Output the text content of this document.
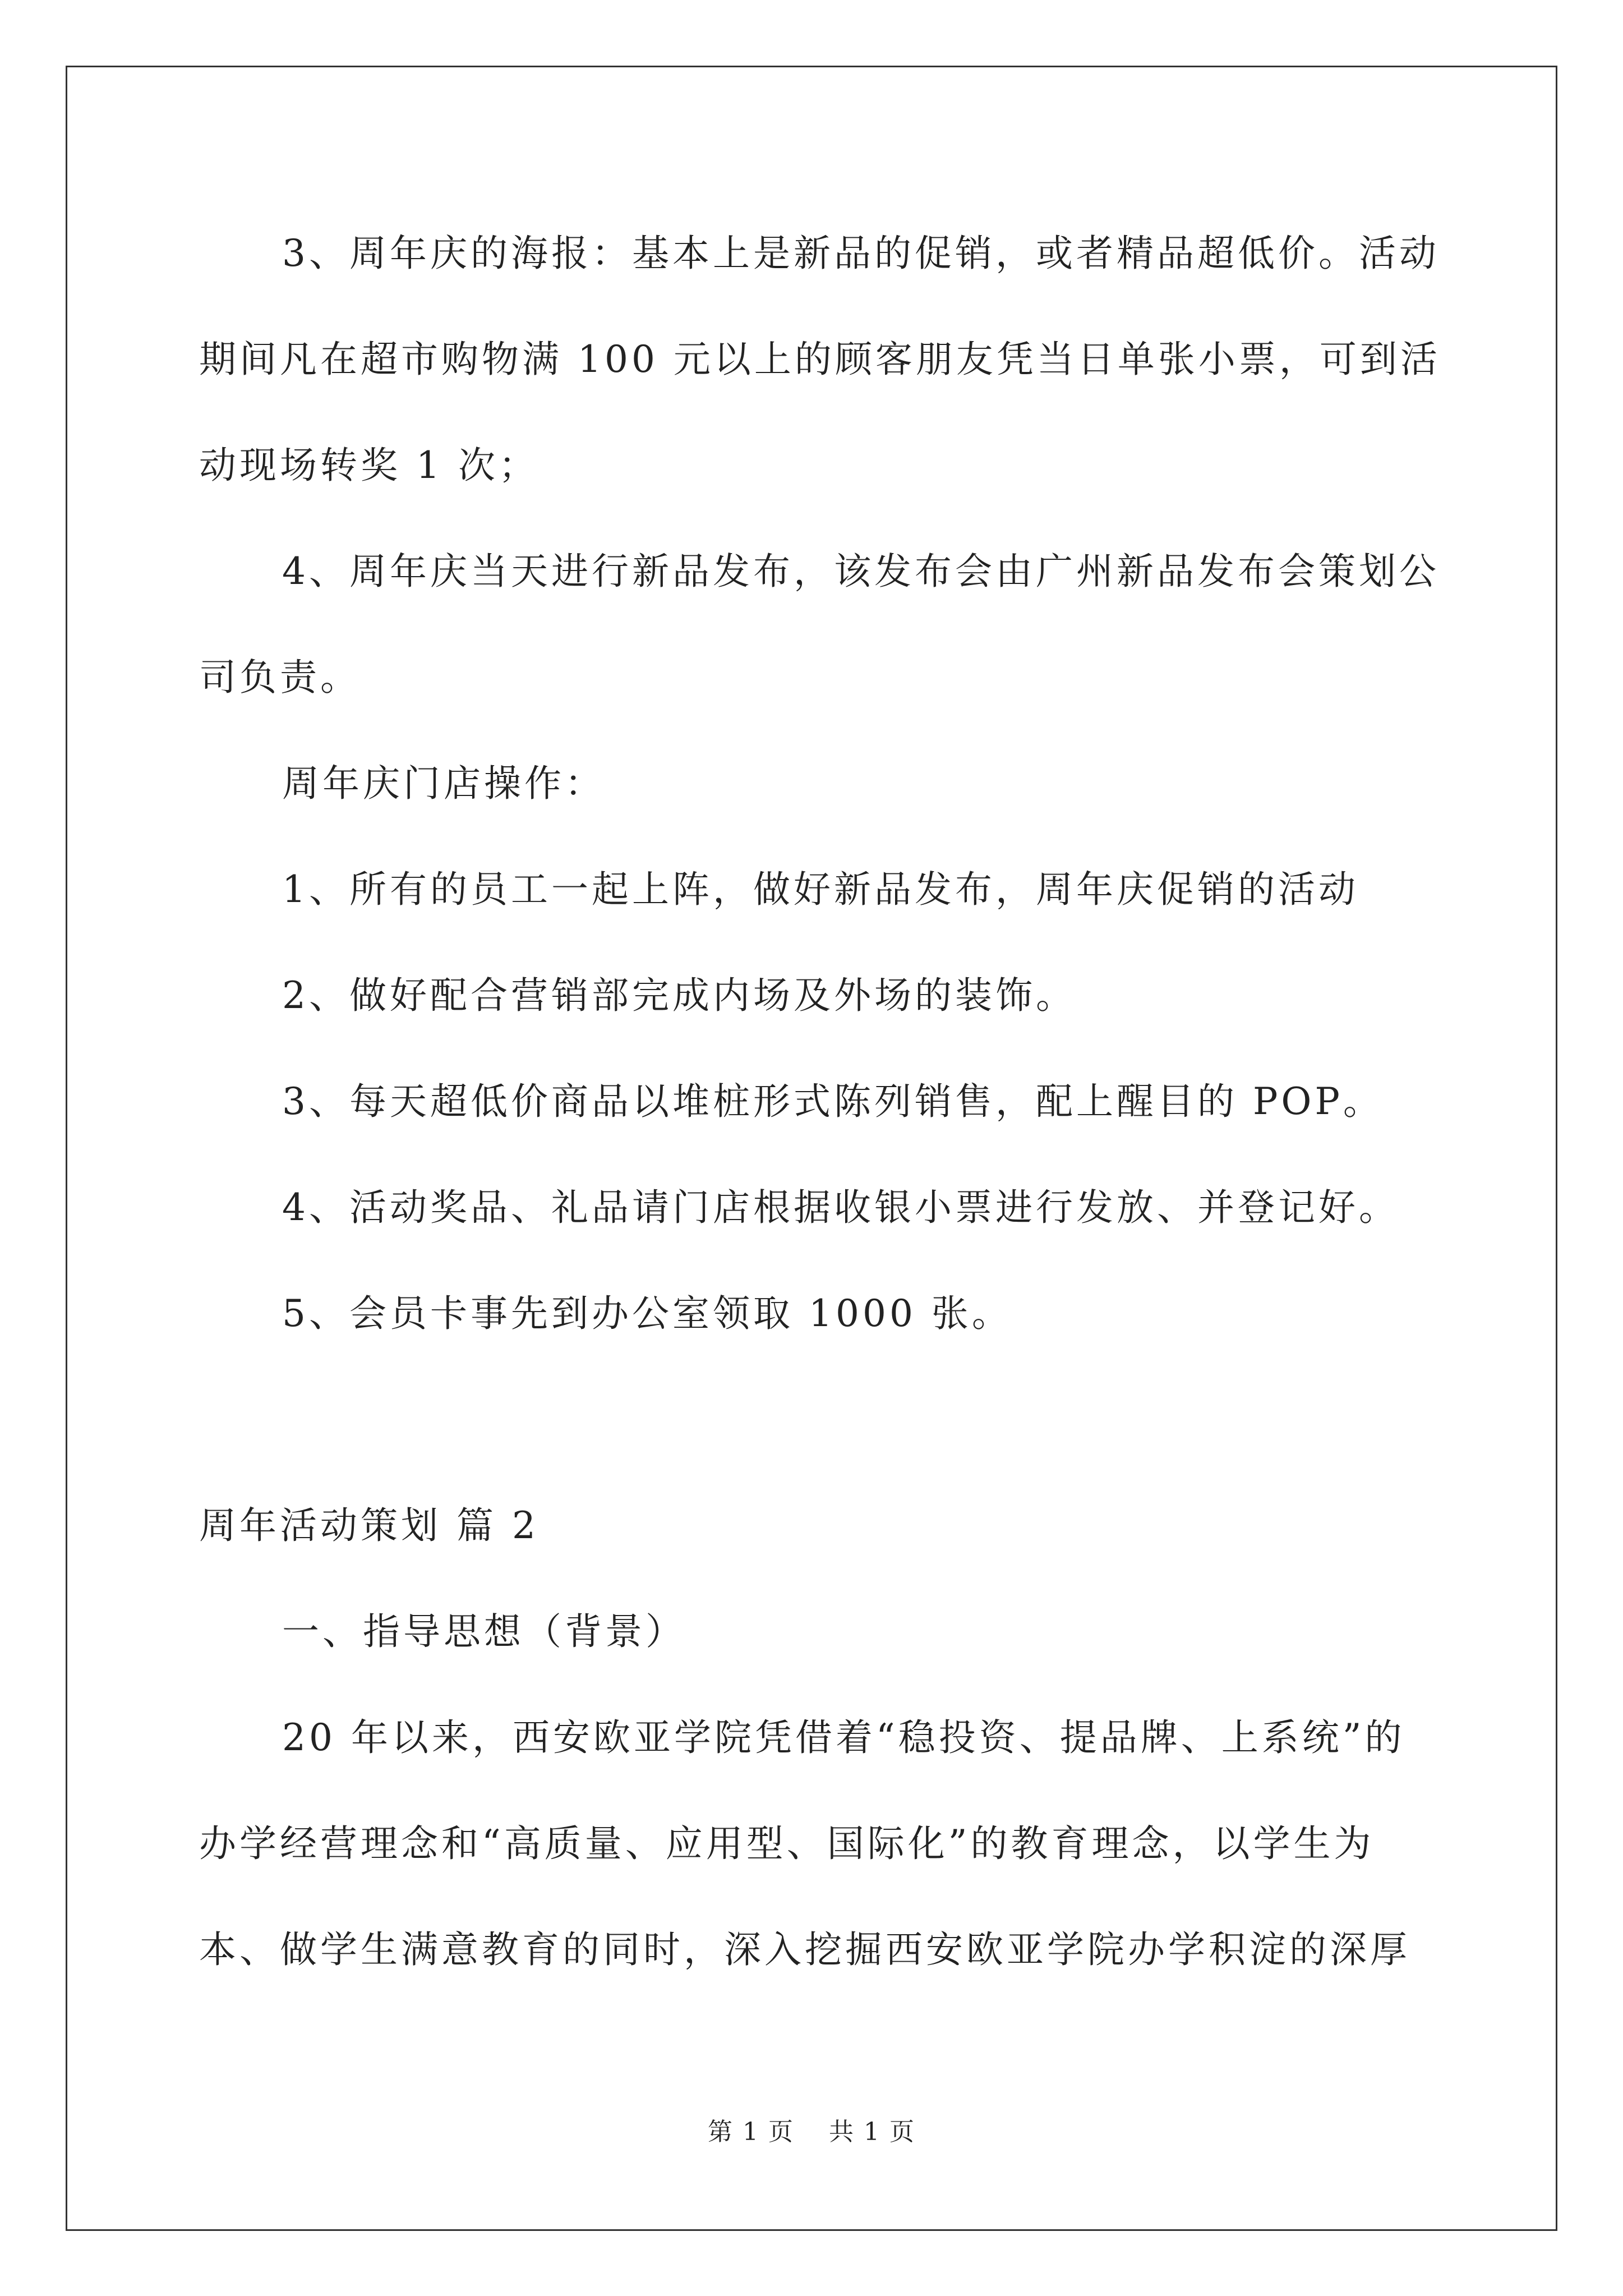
3、周年庆的海报：基本上是新品的促销，或者精品超低价。活动
期间凡在超市购物满 100 元以上的顾客朋友凭当日单张小票，可到活
动现场转奖 1 次；
4、周年庆当天进行新品发布，该发布会由广州新品发布会策划公
司负责。
周年庆门店操作：
1、所有的员工一起上阵，做好新品发布，周年庆促销的活动
2、做好配合营销部完成内场及外场的装饰。
3、每天超低价商品以堆桩形式陈列销售，配上醒目的 POP。
4、活动奖品、礼品请门店根据收银小票进行发放、并登记好。
5、会员卡事先到办公室领取 1000 张。
周年活动策划 篇 2
一、指导思想（背景）
20 年以来，西安欧亚学院凭借着“稳投资、提品牌、上系统”的
办学经营理念和“高质量、应用型、国际化”的教育理念，以学生为
本、做学生满意教育的同时，深入挖掘西安欧亚学院办学积淀的深厚
第 1 页　 共 1 页
